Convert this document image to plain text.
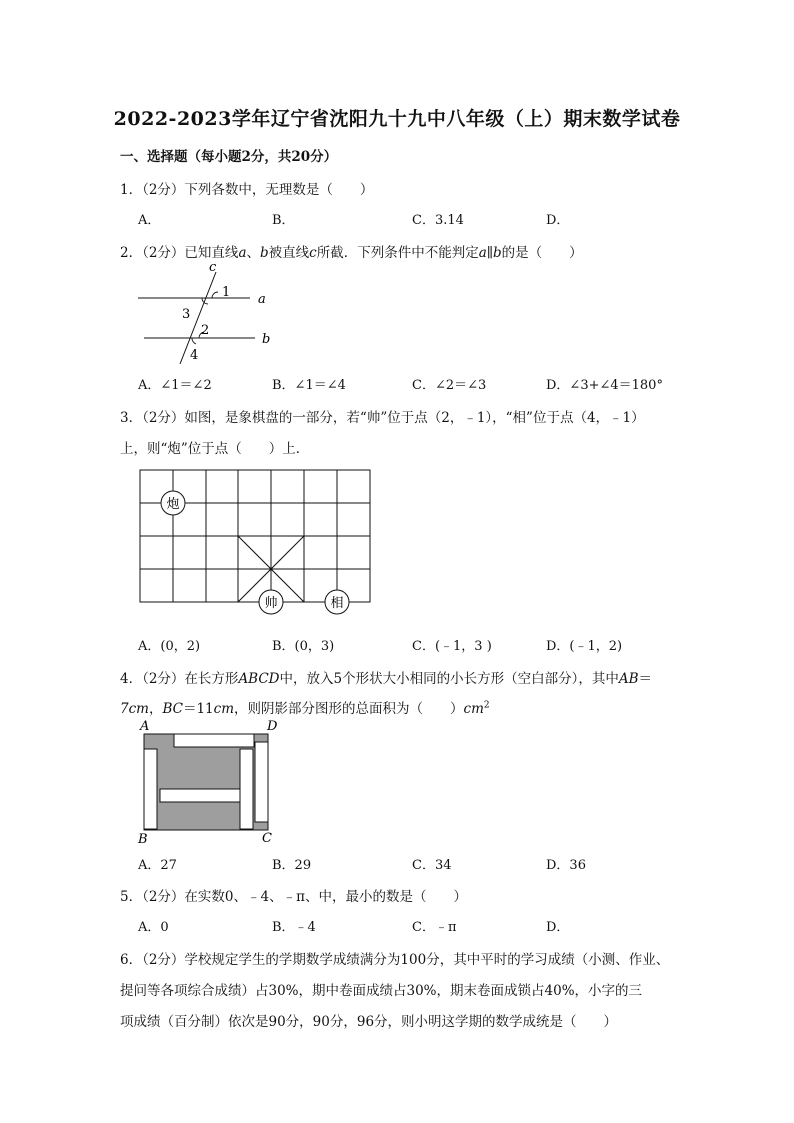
2022-2023学年辽宁省沈阳九十九中八年级（上）期末数学试卷
一、选择题（每小题2分，共20分）
1．（2分）下列各数中，无理数是（　　）
A．	B．	C．3.14	D．
2．（2分）已知直线a、b被直线c所截．下列条件中不能判定a∥b的是（　　）
c
1 a
3
2
b
4
A．∠1＝∠2	B．∠1＝∠4	C．∠2＝∠3	D．∠3+∠4＝180°
3．（2分）如图，是象棋盘的一部分，若“帅”位于点（2，﹣1），“相”位于点（4，﹣1）
上，则“炮”位于点（　　）上．
炮
帅	相
A．(0，2)	B．(0，3)	C．(﹣1，3 )	D．(﹣1，2)
4．（2分）在长方形ABCD中，放入5个形状大小相同的小长方形（空白部分），其中AB＝
7cm，BC＝11cm，则阴影部分图形的总面积为（　　）$cm^2$
A	D
B	C
A．27	B．29	C．34	D．36
5．（2分）在实数0、﹣4、﹣π、中，最小的数是（　　）
A．0	B．﹣4	C．﹣π	D．
6．（2分）学校规定学生的学期数学成绩满分为100分，其中平时的学习成绩（小测、作业、
提问等各项综合成绩）占30%，期中卷面成绩占30%，期末卷面成锁占40%，小字的三
项成绩（百分制）依次是90分，90分，96分，则小明这学期的数学成统是（　　）
